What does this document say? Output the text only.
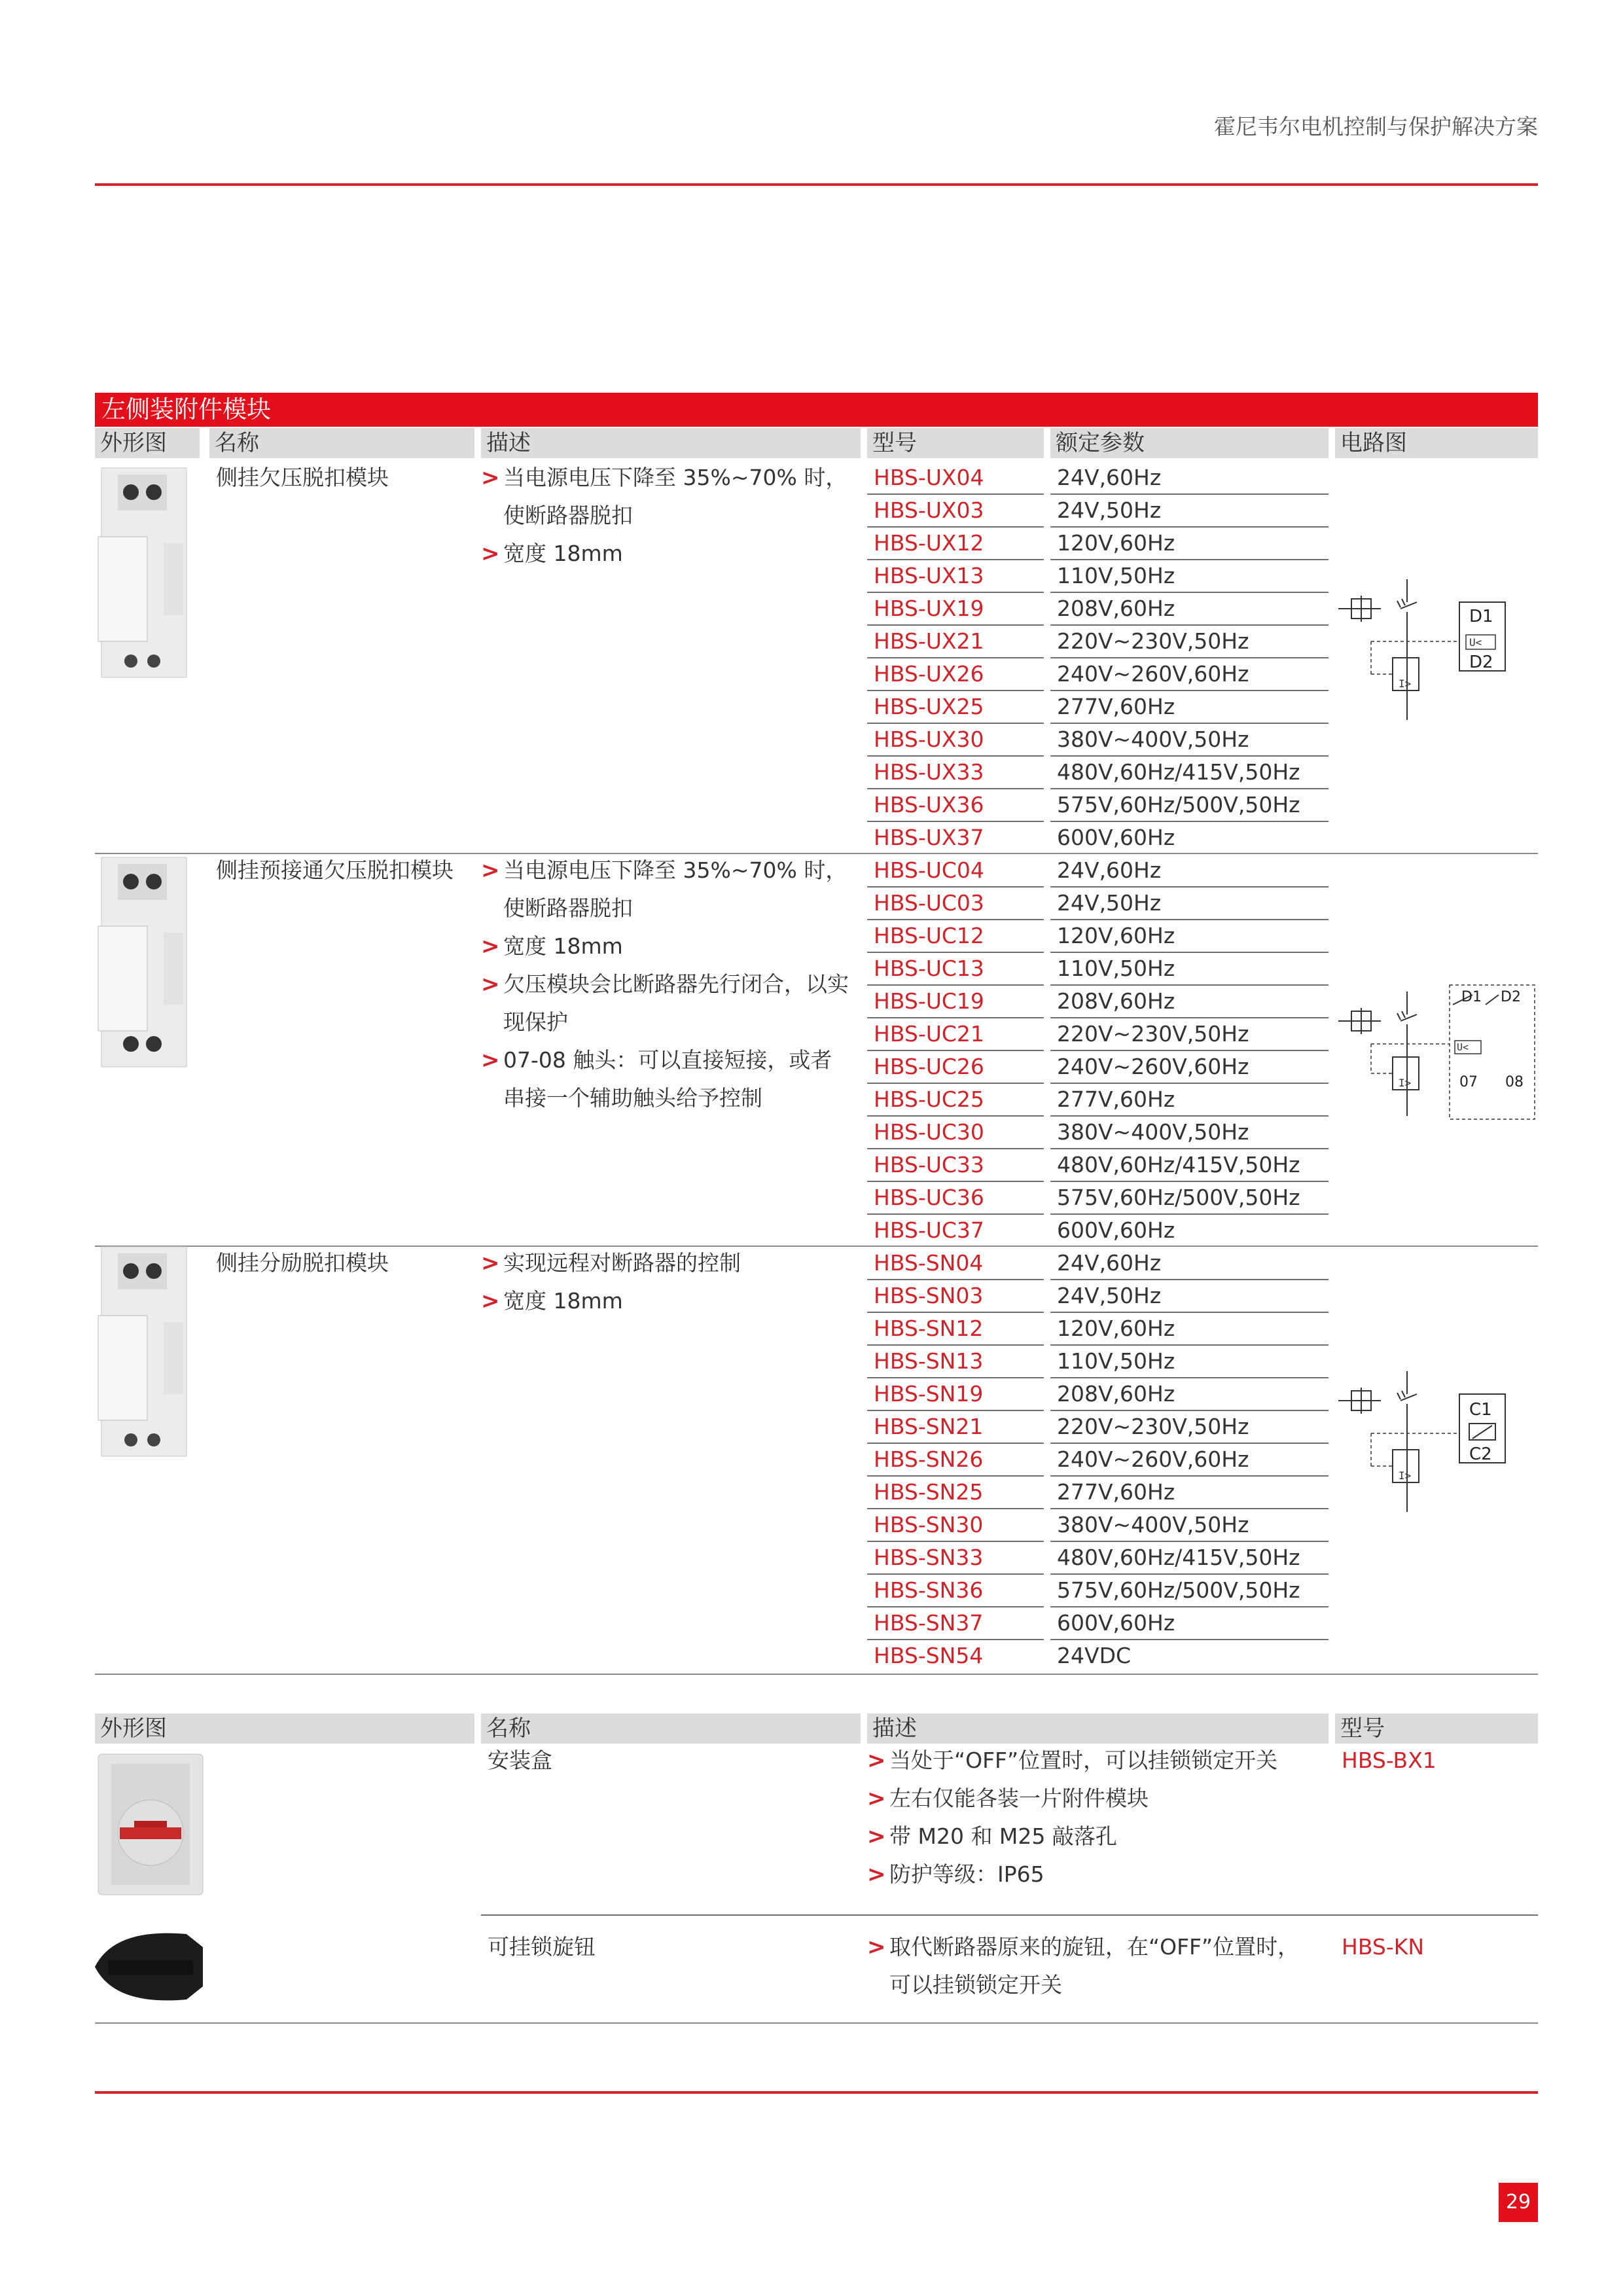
霍尼韦尔电机控制与保护解决方案
左侧装附件模块
外形图	名称	描述	型号	额定参数	电路图
侧挂欠压脱扣模块	> 当电源电压下降至 35%~70% 时，
使断路器脱扣
> 宽度 18mm
HBS-UX04	24V,60Hz
HBS-UX03	24V,50Hz
HBS-UX12	120V,60Hz
HBS-UX13	110V,50Hz
HBS-UX19	208V,60Hz
HBS-UX21	220V~230V,50Hz
HBS-UX26	240V~260V,60Hz
HBS-UX25	277V,60Hz
HBS-UX30	380V~400V,50Hz
HBS-UX33	480V,60Hz/415V,50Hz
HBS-UX36	575V,60Hz/500V,50Hz
HBS-UX37	600V,60Hz
侧挂预接通欠压脱扣模块	> 当电源电压下降至 35%~70% 时，
使断路器脱扣
> 宽度 18mm
> 欠压模块会比断路器先行闭合，以实
现保护
> 07-08 触头：可以直接短接，或者
串接一个辅助触头给予控制
HBS-UC04	24V,60Hz
HBS-UC03	24V,50Hz
HBS-UC12	120V,60Hz
HBS-UC13	110V,50Hz
HBS-UC19	208V,60Hz
HBS-UC21	220V~230V,50Hz
HBS-UC26	240V~260V,60Hz
HBS-UC25	277V,60Hz
HBS-UC30	380V~400V,50Hz
HBS-UC33	480V,60Hz/415V,50Hz
HBS-UC36	575V,60Hz/500V,50Hz
HBS-UC37	600V,60Hz
侧挂分励脱扣模块	> 实现远程对断路器的控制
> 宽度 18mm
HBS-SN04	24V,60Hz
HBS-SN03	24V,50Hz
HBS-SN12	120V,60Hz
HBS-SN13	110V,50Hz
HBS-SN19	208V,60Hz
HBS-SN21	220V~230V,50Hz
HBS-SN26	240V~260V,60Hz
HBS-SN25	277V,60Hz
HBS-SN30	380V~400V,50Hz
HBS-SN33	480V,60Hz/415V,50Hz
HBS-SN36	575V,60Hz/500V,50Hz
HBS-SN37	600V,60Hz
HBS-SN54	24VDC
U<
I>
D1
D2
U<
I>
D1 D2
07 08
I>
C1
C2
外形图	名称	描述	型号
安装盒	> 当处于“OFF”位置时，可以挂锁锁定开关
> 左右仅能各装一片附件模块
> 带 M20 和 M25 敲落孔
> 防护等级：IP65
HBS-BX1
可挂锁旋钮	> 取代断路器原来的旋钮，在“OFF”位置时，
可以挂锁锁定开关
HBS-KN
29
